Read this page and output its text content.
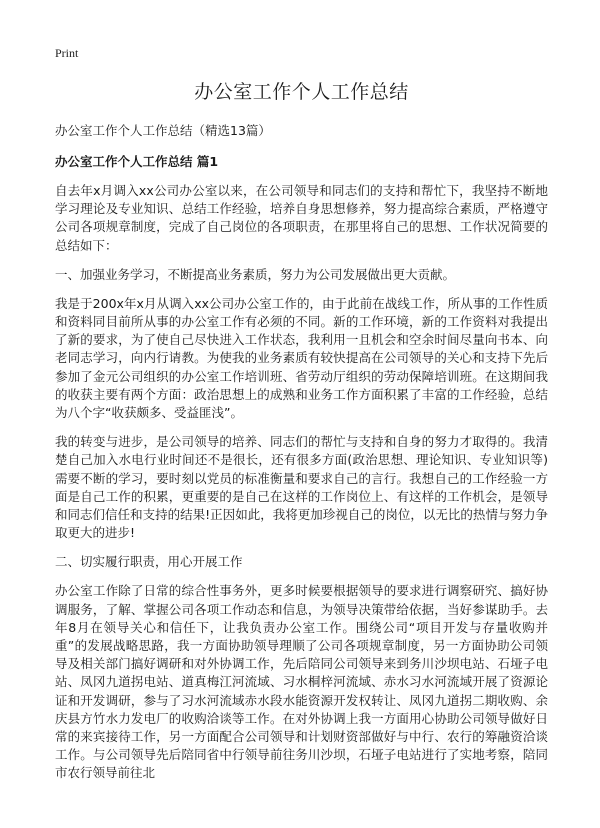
Print
办公室工作个人工作总结
办公室工作个人工作总结（精选13篇）
办公室工作个人工作总结 篇1

自去年x月调入xx公司办公室以来，在公司领导和同志们的支持和帮忙下，我坚持不断地学习理论及专业知识、总结工作经验，培养自身思想修养，努力提高综合素质，严格遵守公司各项规章制度，完成了自己岗位的各项职责，在那里将自己的思想、工作状况简要的总结如下：

一、加强业务学习，不断提高业务素质，努力为公司发展做出更大贡献。

我是于200x年x月从调入xx公司办公室工作的，由于此前在战线工作，所从事的工作性质和资料同目前所从事的办公室工作有必须的不同。新的工作环境，新的工作资料对我提出了新的要求，为了使自己尽快进入工作状态，我利用一且机会和空余时间尽量向书本、向老同志学习，向内行请教。为使我的业务素质有较快提高在公司领导的关心和支持下先后参加了金元公司组织的办公室工作培训班、省劳动厅组织的劳动保障培训班。在这期间我的收获主要有两个方面：政治思想上的成熟和业务工作方面积累了丰富的工作经验，总结为八个字“收获颇多、受益匪浅”。

我的转变与进步，是公司领导的培养、同志们的帮忙与支持和自身的努力才取得的。我清楚自己加入水电行业时间还不是很长，还有很多方面(政治思想、理论知识、专业知识等)需要不断的学习，要时刻以党员的标准衡量和要求自己的言行。我想自己的工作经验一方面是自己工作的积累，更重要的是自己在这样的工作岗位上、有这样的工作机会，是领导和同志们信任和支持的结果!正因如此，我将更加珍视自己的岗位，以无比的热情与努力争取更大的进步!

二、切实履行职责，用心开展工作

办公室工作除了日常的综合性事务外，更多时候要根据领导的要求进行调察研究、搞好协调服务，了解、掌握公司各项工作动态和信息，为领导决策带给依据，当好参谋助手。去年8月在领导关心和信任下，让我负责办公室工作。围绕公司“项目开发与存量收购并重”的发展战略思路，我一方面协助领导理顺了公司各项规章制度，另一方面协助公司领导及相关部门搞好调研和对外协调工作，先后陪同公司领导来到务川沙坝电站、石垭子电站、凤冈九道拐电站、道真梅江河流域、习水桐梓河流域、赤水习水河流域开展了资源论证和开发调研，参与了习水河流域赤水段水能资源开发权转让、凤冈九道拐二期收购、余庆县方竹水力发电厂的收购洽谈等工作。在对外协调上我一方面用心协助公司领导做好日常的来宾接待工作，另一方面配合公司领导和计划财资部做好与中行、农行的筹融资洽谈工作。与公司领导先后陪同省中行领导前往务川沙坝，石垭子电站进行了实地考察，陪同市农行领导前往北
